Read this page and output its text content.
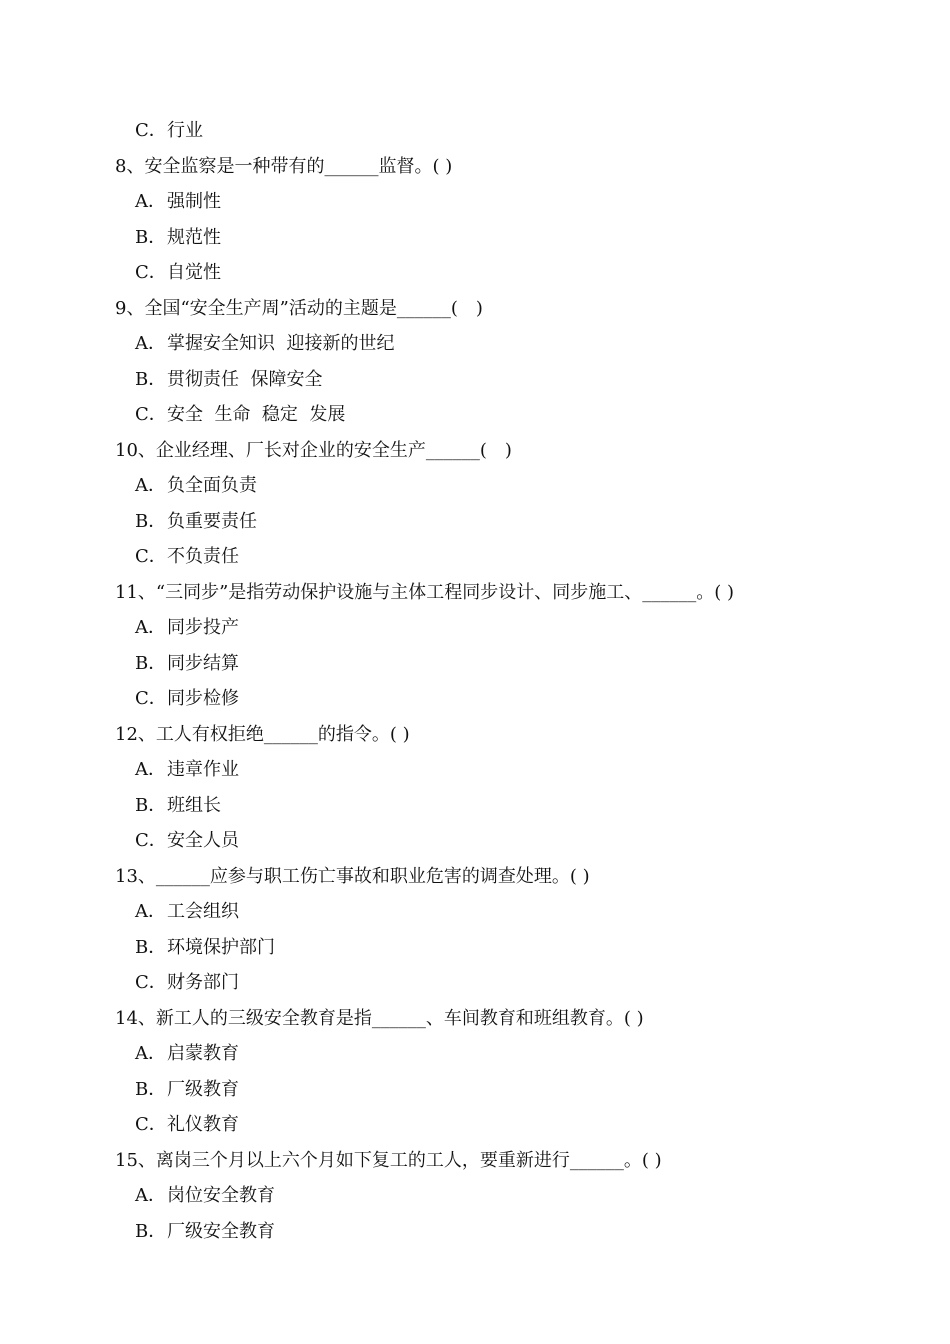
C．行业
8、安全监察是一种带有的______监督。( )
A．强制性
B．规范性
C．自觉性
9、全国“安全生产周”活动的主题是______(　)
A．掌握安全知识  迎接新的世纪
B．贯彻责任  保障安全
C．安全  生命  稳定  发展
10、企业经理、厂长对企业的安全生产______(　)
A．负全面负责
B．负重要责任
C．不负责任
11、“三同步”是指劳动保护设施与主体工程同步设计、同步施工、______。( )
A．同步投产
B．同步结算
C．同步检修
12、工人有权拒绝______的指令。( )
A．违章作业
B．班组长
C．安全人员
13、______应参与职工伤亡事故和职业危害的调查处理。( )
A．工会组织
B．环境保护部门
C．财务部门
14、新工人的三级安全教育是指______、车间教育和班组教育。( )
A．启蒙教育
B．厂级教育
C．礼仪教育
15、离岗三个月以上六个月如下复工的工人，要重新进行______。( )
A．岗位安全教育
B．厂级安全教育
